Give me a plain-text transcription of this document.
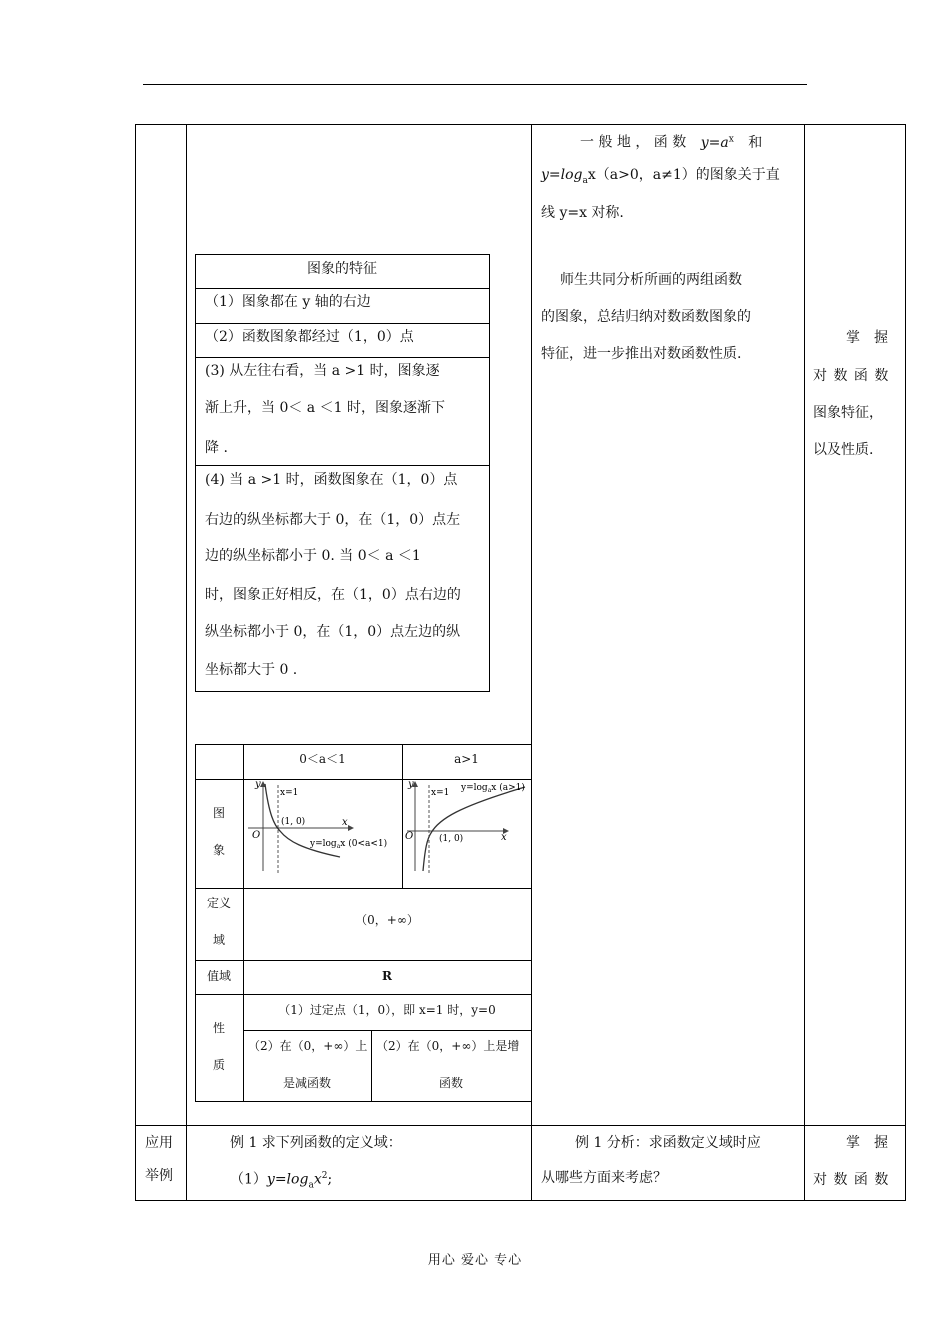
一 般 地 ， 函 数 $y=a^x$ 和
$y=\log_ax(a>0$，a≠1）的图象关于直
线 y=x 对称.
师生共同分析所画的两组函数
的图象，总结归纳对数函数图象的
特征，进一步推出对数函数性质.
掌　握
对 数 函 数
图象特征，
以及性质.
图象的特征
（1）图象都在 y 轴的右边
（2）函数图象都经过（1，0）点
(3) 从左往右看，当 a >1 时，图象逐
渐上升，当 0＜ a ＜1 时，图象逐渐下
降 .
(4) 当 a >1 时，函数图象在（1，0）点
右边的纵坐标都大于 0，在（1，0）点左
边的纵坐标都小于 0. 当 0＜ a ＜1
时，图象正好相反，在（1，0）点右边的
纵坐标都小于 0，在（1，0）点左边的纵
坐标都大于 0 .
0＜a＜1	a>1
图
象
y
x
O
x=1
(1, 0)
$y=\log_ax$ (0<a<1)
y
x
O
x=1
(1, 0)
$y=\log_ax$ (a>1)
定义
域
（0，+∞）
值域	R
性
质
（1）过定点（1，0），即 x=1 时，y=0
（2）在（0，+∞）上
是减函数
（2）在（0，+∞）上是增
函数
应用
举例
例 1 求下列函数的定义域：
$(1)y=\log_ax^2$;
例 1 分析：求函数定义域时应
从哪些方面来考虑？
掌　握
对 数 函 数
用心 爱心 专心
